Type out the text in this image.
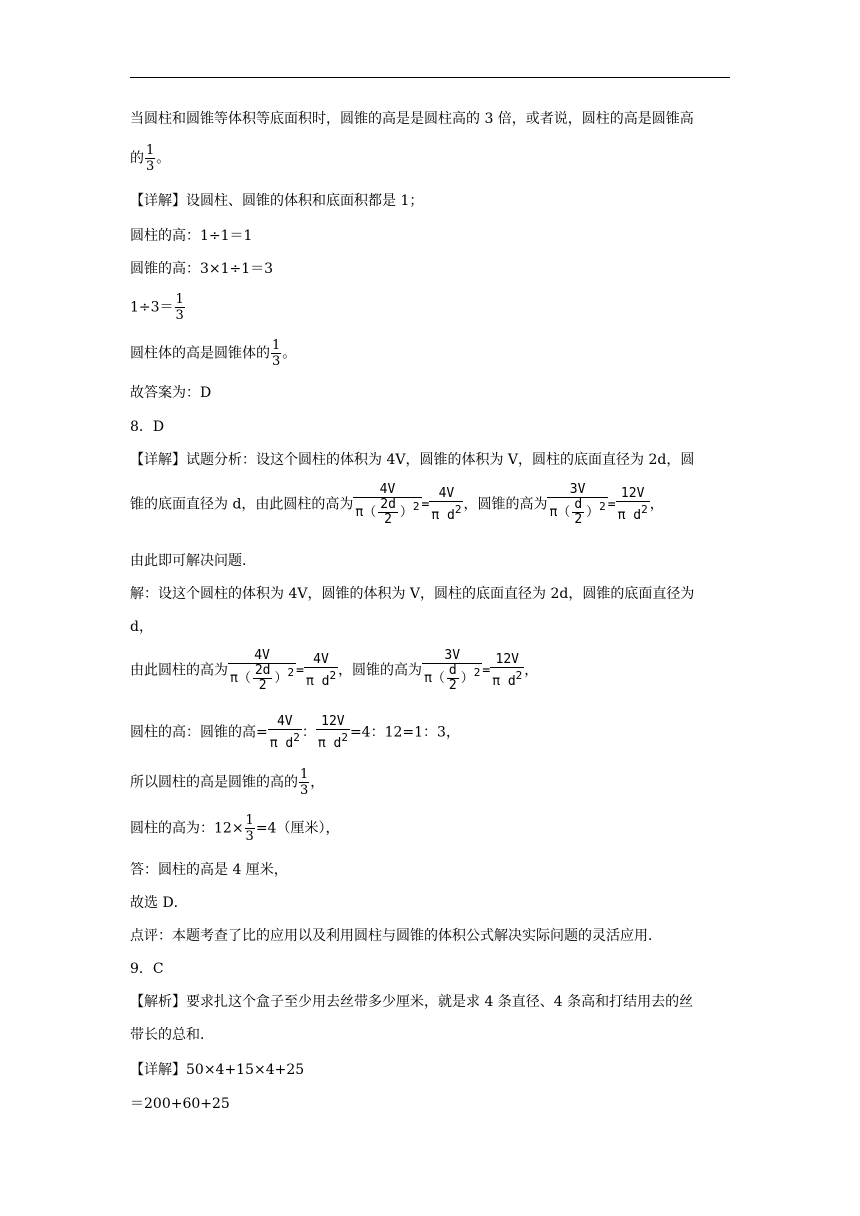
当圆柱和圆锥等体积等底面积时，圆锥的高是是圆柱高的 3 倍，或者说，圆柱的高是圆锥高
的 $\frac{1}{3}$ 。
【详解】设圆柱、圆锥的体积和底面积都是 1；
圆柱的高：1÷1＝1
圆锥的高：3×1÷1＝3
$1\div 3= \frac{1}{3}$
圆柱体的高是圆锥体的 $\frac{1}{3}$ 。
故答案为：D
8．D
【详解】试题分析：设这个圆柱的体积为 4V，圆锥的体积为 V，圆柱的底面直径为 2d，圆
锥的底面直径为 d，由此圆柱的高为 $\frac{4V}{\pi( \frac{2d}{2} )^2} = \frac{4V}{\pi d^2}$ ，圆锥的高为 $\frac{3V}{\pi( \frac{d}{2} )^2} = \frac{12V}{\pi d^2}$ ，
由此即可解决问题.
解：设这个圆柱的体积为 4V，圆锥的体积为 V，圆柱的底面直径为 2d，圆锥的底面直径为
d，
由此圆柱的高为 $\frac{4V}{\pi( \frac{2d}{2} )^2} = \frac{4V}{\pi d^2}$ ，圆锥的高为 $\frac{3V}{\pi( \frac{d}{2} )^2} = \frac{12V}{\pi d^2}$ ，
圆柱的高：圆锥的高= $\frac{4V}{\pi d^2}$ ： $\frac{12V}{\pi d^2} =4$：12=1：3，
所以圆柱的高是圆锥的高的 $\frac{1}{3}$ ，
圆柱的高为：$12\times \frac{1}{3} =4$（厘米），
答：圆柱的高是 4 厘米，
故选 D．
点评：本题考查了比的应用以及利用圆柱与圆锥的体积公式解决实际问题的灵活应用．
9．C
【解析】要求扎这个盒子至少用去丝带多少厘米，就是求 4 条直径、4 条高和打结用去的丝
带长的总和．
【详解】50×4+15×4+25
＝200+60+25
